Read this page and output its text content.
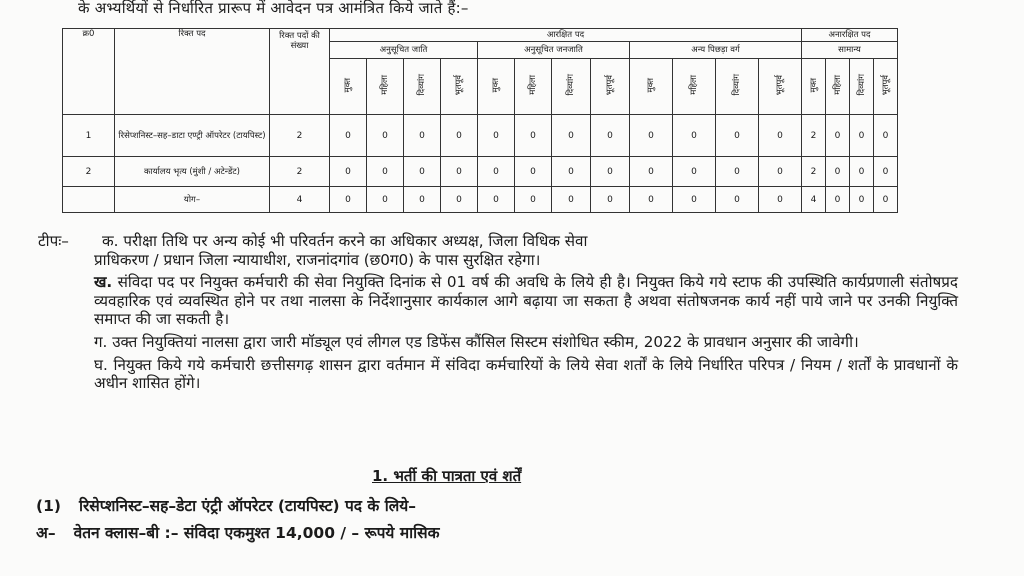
के अभ्यर्थियों से निर्धारित प्रारूप में आवेदन पत्र आमंत्रित किये जाते हैं:–
क्र0	रिक्त पद	रिक्त पदों की संख्या	आरक्षित पद												अनारक्षित पद			
			अनुसूचित जाति				अनुसूचित जनजाति				अन्य पिछड़ा वर्ग				सामान्य			
			मुक्त	महिला	दिव्यांग	भूतपूर्व	मुक्त	महिला	दिव्यांग	भूतपूर्व	मुक्त	महिला	दिव्यांग	भूतपूर्व	मुक्त	महिला	दिव्यांग	भूतपूर्व
1	रिसेप्शनिस्ट–सह–डाटा एण्ट्री ऑपरेटर (टायपिस्ट)	2	0	0	0	0	0	0	0	0	0	0	0	0	2	0	0	0
2	कार्यालय भृत्य (मुंशी / अटेन्डेंट)	2	0	0	0	0	0	0	0	0	0	0	0	0	2	0	0	0
	योग–	4	0	0	0	0	0	0	0	0	0	0	0	0	4	0	0	0
टीपः–	क. परीक्षा तिथि पर अन्य कोई भी परिवर्तन करने का अधिकार अध्यक्ष, जिला विधिक सेवा
प्राधिकरण / प्रधान जिला न्यायाधीश, राजनांदगांव (छ0ग0) के पास सुरक्षित रहेगा।
ख. संविदा पद पर नियुक्त कर्मचारी की सेवा नियुक्ति दिनांक से 01 वर्ष की अवधि के लिये ही है। नियुक्त किये गये स्टाफ की उपस्थिति कार्यप्रणाली संतोषप्रद व्यवहारिक एवं व्यवस्थित होने पर तथा नालसा के निर्देशानुसार कार्यकाल आगे बढ़ाया जा सकता है अथवा संतोषजनक कार्य नहीं पाये जाने पर उनकी नियुक्ति समाप्त की जा सकती है।
ग. उक्त नियुक्तियां नालसा द्वारा जारी मॉड्यूल एवं लीगल एड डिफेंस कौंसिल सिस्टम संशोधित स्कीम, 2022 के प्रावधान अनुसार की जावेगी।
घ. नियुक्त किये गये कर्मचारी छत्तीसगढ़ शासन द्वारा वर्तमान में संविदा कर्मचारियों के लिये सेवा शर्तों के लिये निर्धारित परिपत्र / नियम / शर्तों के प्रावधानों के अधीन शासित होंगे।
1. भर्ती की पात्रता एवं शर्तें
(1) रिसेप्शनिस्ट–सह–डेटा एंट्री ऑपरेटर (टायपिस्ट) पद के लिये–
अ– वेतन क्लास–बी :– संविदा एकमुश्त 14,000 / – रूपये मासिक
